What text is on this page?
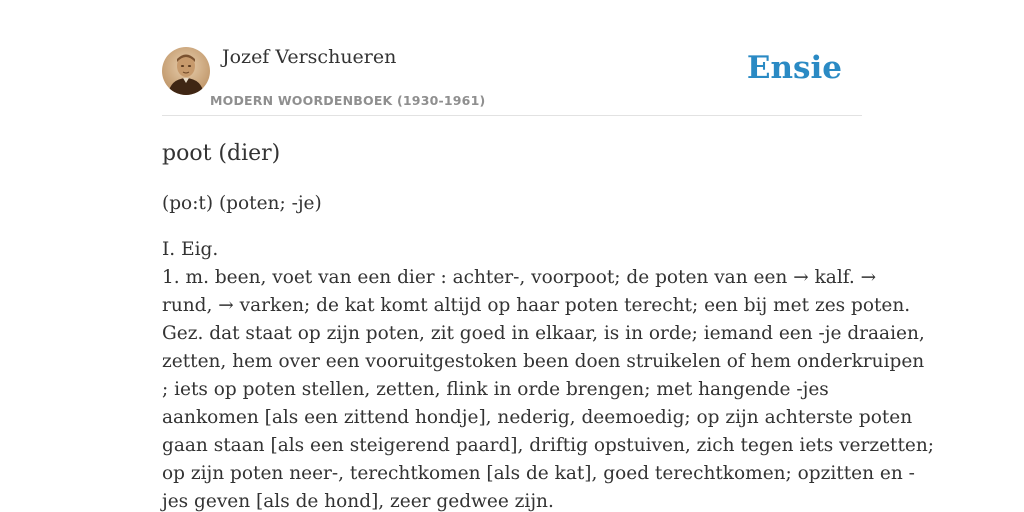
Jozef Verschueren
MODERN WOORDENBOEK (1930-1961)
Ensie
poot (dier)

(po:t) (poten; -je)

I. Eig.
1. m. been, voet van een dier : achter-, voorpoot; de poten van een → kalf. →
rund, → varken; de kat komt altijd op haar poten terecht; een bij met zes poten.
Gez. dat staat op zijn poten, zit goed in elkaar, is in orde; iemand een -je draaien,
zetten, hem over een vooruitgestoken been doen struikelen of hem onderkruipen
; iets op poten stellen, zetten, flink in orde brengen; met hangende -jes
aankomen [als een zittend hondje], nederig, deemoedig; op zijn achterste poten
gaan staan [als een steigerend paard], driftig opstuiven, zich tegen iets verzetten;
op zijn poten neer-, terechtkomen [als de kat], goed terechtkomen; opzitten en -
jes geven [als de hond], zeer gedwee zijn.
